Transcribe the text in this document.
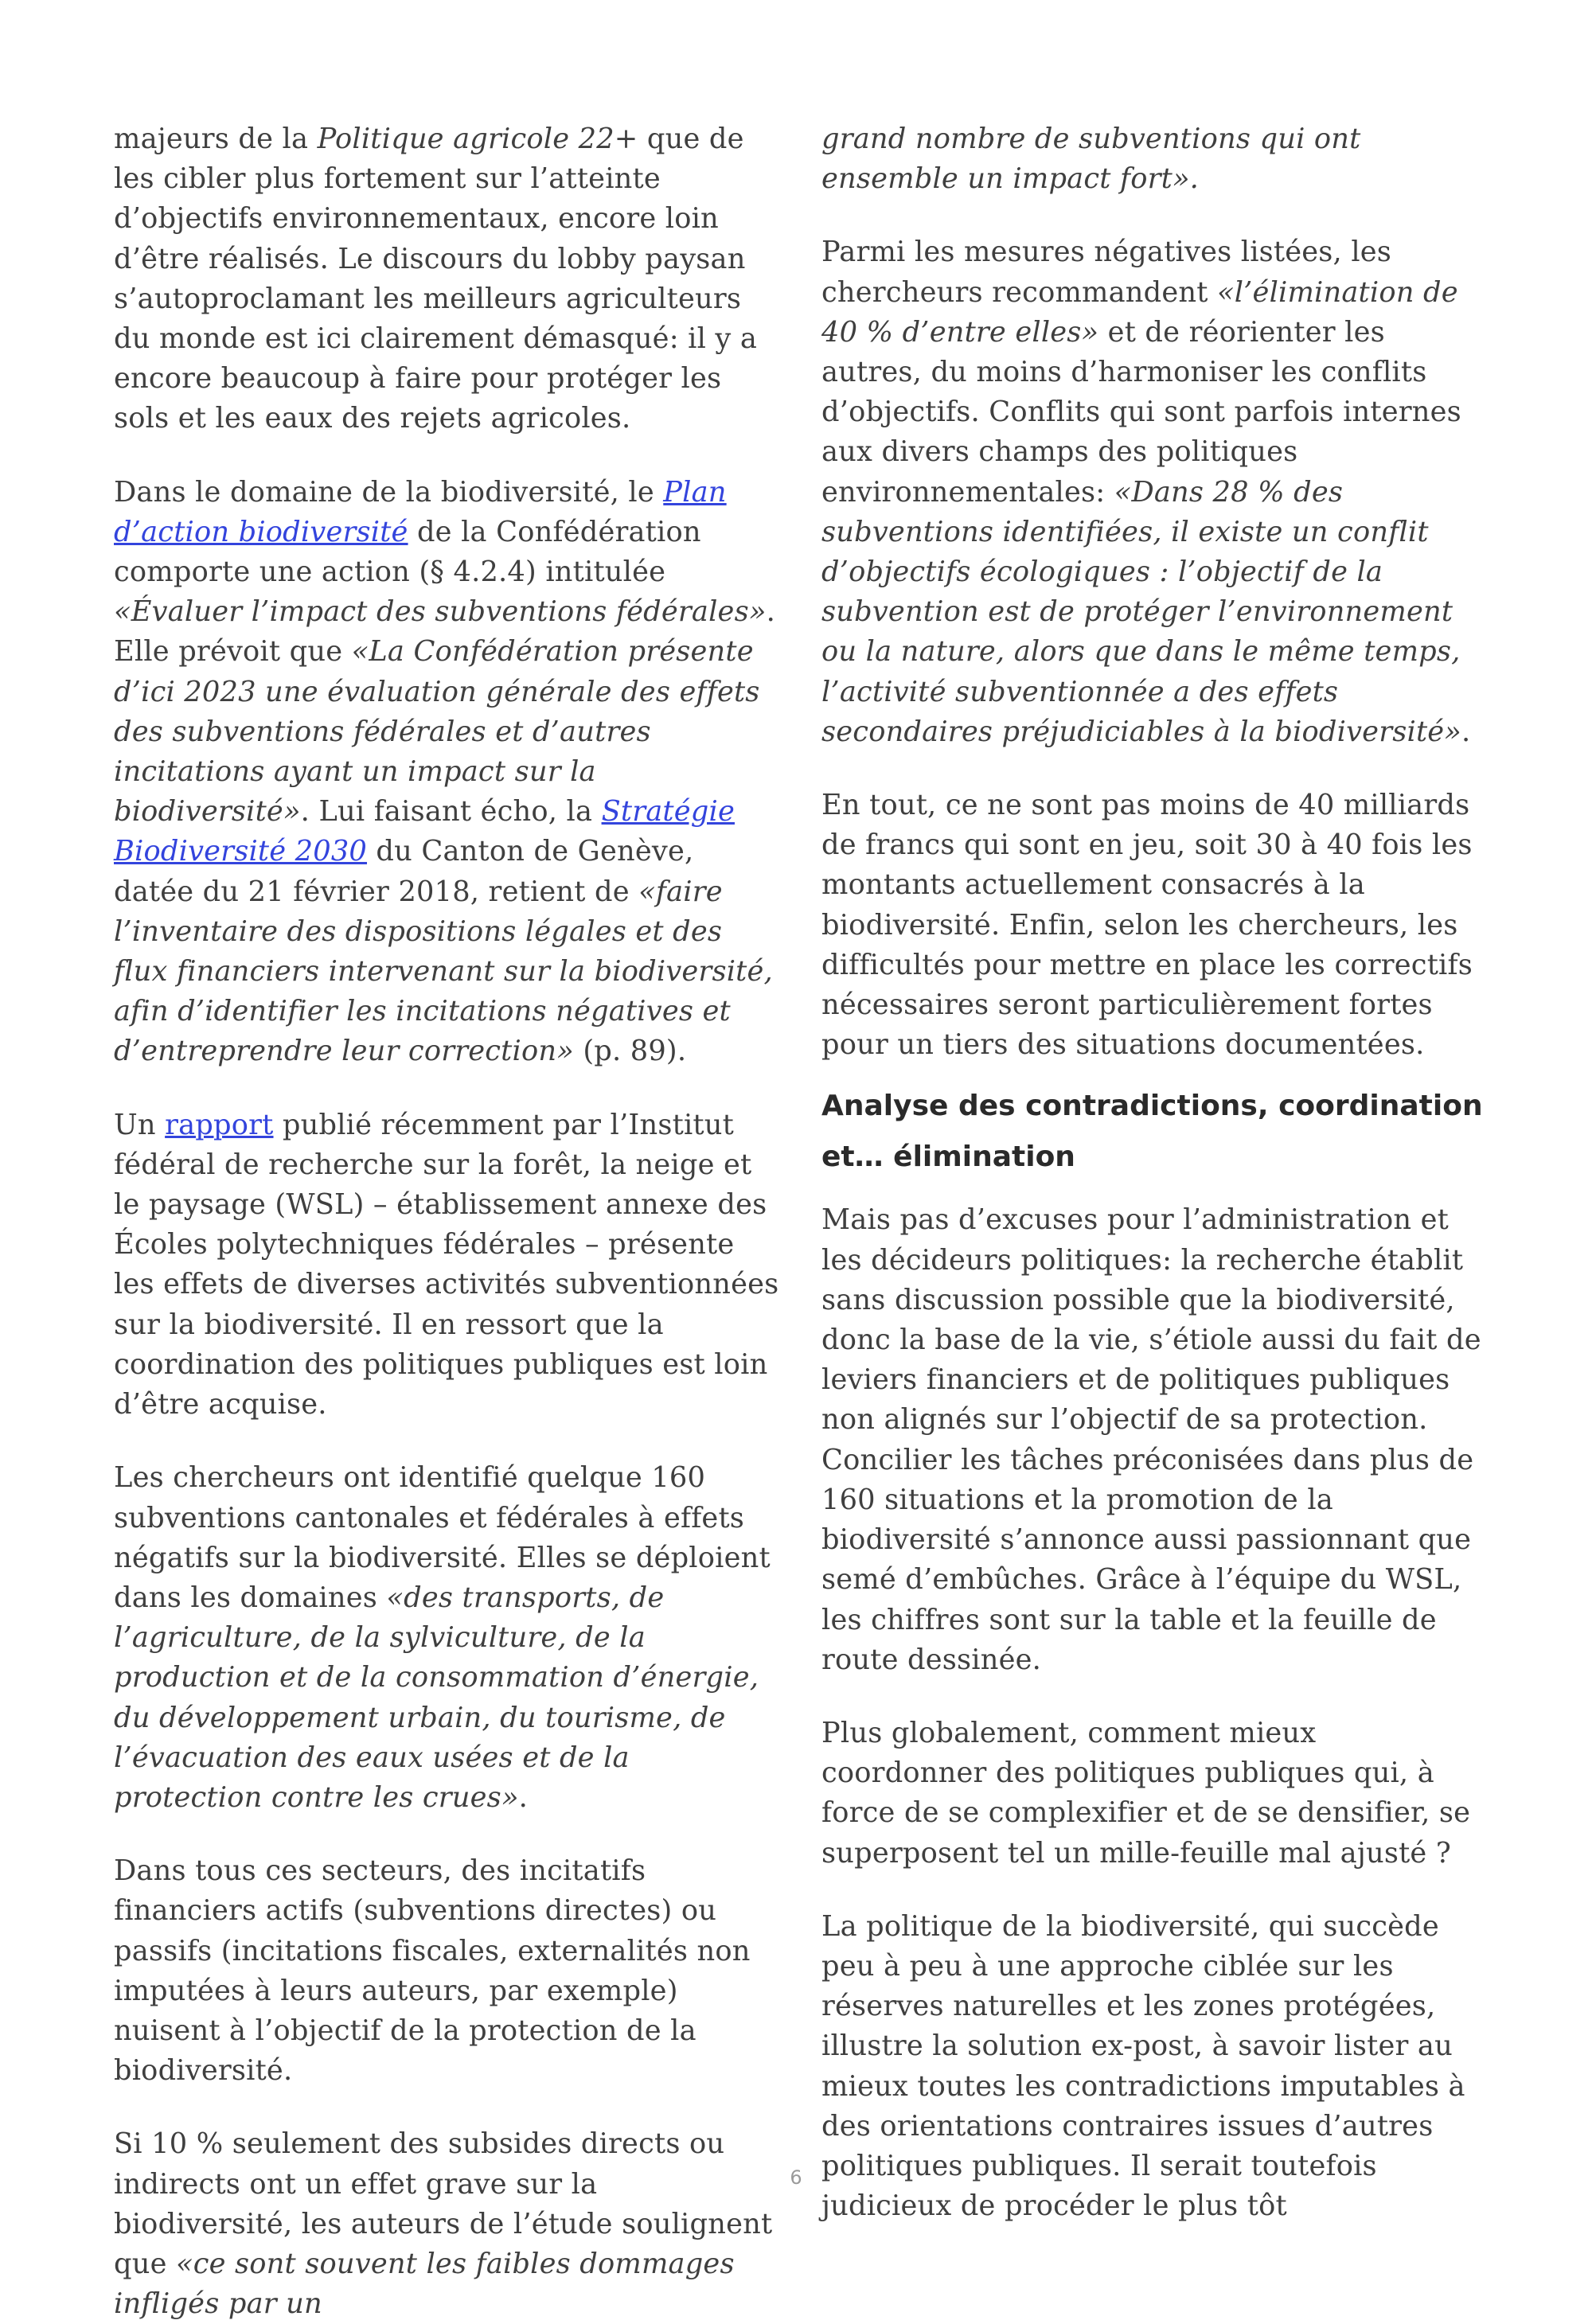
majeurs de la Politique agricole 22+ que de les cibler plus fortement sur l’atteinte d’objectifs environnementaux, encore loin d’être réalisés. Le discours du lobby paysan s’autoproclamant les meilleurs agriculteurs du monde est ici clairement démasqué: il y a encore beaucoup à faire pour protéger les sols et les eaux des rejets agricoles.

Dans le domaine de la biodiversité, le Plan d’action biodiversité de la Confédération comporte une action (§ 4.2.4) intitulée «Évaluer l’impact des subventions fédérales». Elle prévoit que «La Confédération présente d’ici 2023 une évaluation générale des effets des subventions fédérales et d’autres incitations ayant un impact sur la biodiversité». Lui faisant écho, la Stratégie Biodiversité 2030 du Canton de Genève, datée du 21 février 2018, retient de «faire l’inventaire des dispositions légales et des flux financiers intervenant sur la biodiversité, afin d’identifier les incitations négatives et d’entreprendre leur correction» (p. 89).

Un rapport publié récemment par l’Institut fédéral de recherche sur la forêt, la neige et le paysage (WSL) – établissement annexe des Écoles polytechniques fédérales – présente les effets de diverses activités subventionnées sur la biodiversité. Il en ressort que la coordination des politiques publiques est loin d’être acquise.

Les chercheurs ont identifié quelque 160 subventions cantonales et fédérales à effets négatifs sur la biodiversité. Elles se déploient dans les domaines «des transports, de l’agriculture, de la sylviculture, de la production et de la consommation d’énergie, du développement urbain, du tourisme, de l’évacuation des eaux usées et de la protection contre les crues».

Dans tous ces secteurs, des incitatifs financiers actifs (subventions directes) ou passifs (incitations fiscales, externalités non imputées à leurs auteurs, par exemple) nuisent à l’objectif de la protection de la biodiversité.

Si 10 % seulement des subsides directs ou indirects ont un effet grave sur la biodiversité, les auteurs de l’étude soulignent que «ce sont souvent les faibles dommages infligés par un

grand nombre de subventions qui ont ensemble un impact fort».

Parmi les mesures négatives listées, les chercheurs recommandent «l’élimination de 40 % d’entre elles» et de réorienter les autres, du moins d’harmoniser les conflits d’objectifs. Conflits qui sont parfois internes aux divers champs des politiques environnementales: «Dans 28 % des subventions identifiées, il existe un conflit d’objectifs écologiques : l’objectif de la subvention est de protéger l’environnement ou la nature, alors que dans le même temps, l’activité subventionnée a des effets secondaires préjudiciables à la biodiversité».

En tout, ce ne sont pas moins de 40 milliards de francs qui sont en jeu, soit 30 à 40 fois les montants actuellement consacrés à la biodiversité. Enfin, selon les chercheurs, les difficultés pour mettre en place les correctifs nécessaires seront particulièrement fortes pour un tiers des situations documentées.

Analyse des contradictions, coordination et… élimination

Mais pas d’excuses pour l’administration et les décideurs politiques: la recherche établit sans discussion possible que la biodiversité, donc la base de la vie, s’étiole aussi du fait de leviers financiers et de politiques publiques non alignés sur l’objectif de sa protection. Concilier les tâches préconisées dans plus de 160 situations et la promotion de la biodiversité s’annonce aussi passionnant que semé d’embûches. Grâce à l’équipe du WSL, les chiffres sont sur la table et la feuille de route dessinée.

Plus globalement, comment mieux coordonner des politiques publiques qui, à force de se complexifier et de se densifier, se superposent tel un mille-feuille mal ajusté ?

La politique de la biodiversité, qui succède peu à peu à une approche ciblée sur les réserves naturelles et les zones protégées, illustre la solution ex-post, à savoir lister au mieux toutes les contradictions imputables à des orientations contraires issues d’autres politiques publiques. Il serait toutefois judicieux de procéder le plus tôt

6
